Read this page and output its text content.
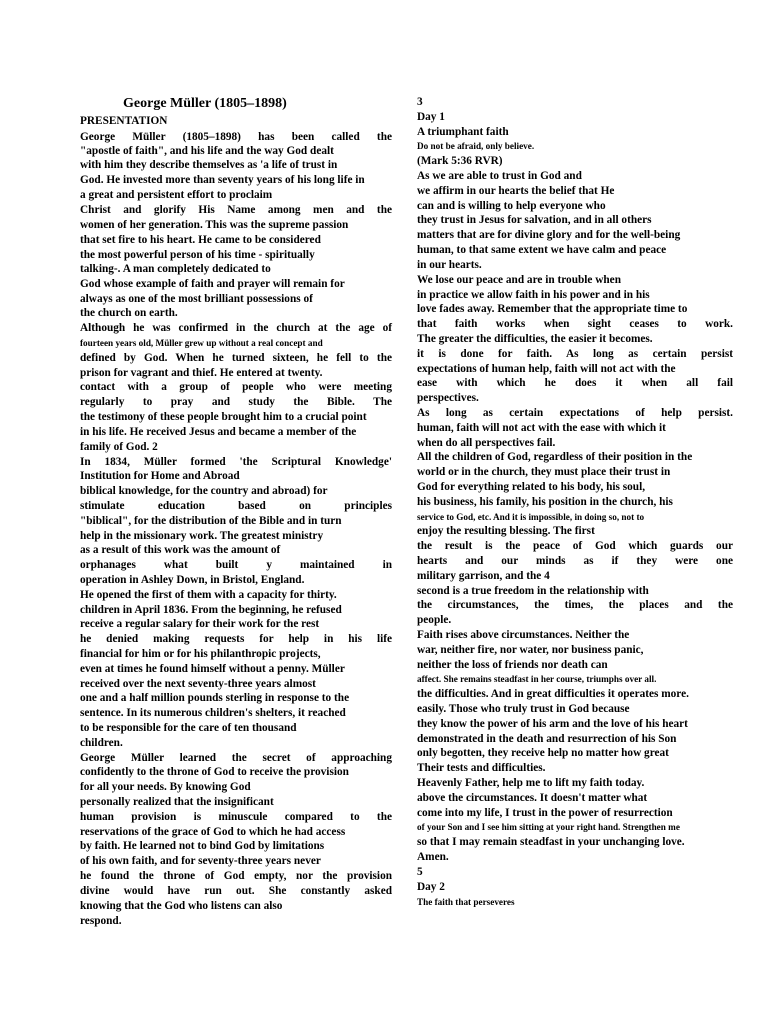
George Müller (1805–1898)
PRESENTATION
George Müller (1805–1898) has been called the
"apostle of faith", and his life and the way God dealt
with him they describe themselves as 'a life of trust in
God. He invested more than seventy years of his long life in
a great and persistent effort to proclaim
Christ and glorify His Name among men and the
women of her generation. This was the supreme passion
that set fire to his heart. He came to be considered
the most powerful person of his time - spiritually
talking-. A man completely dedicated to
God whose example of faith and prayer will remain for
always as one of the most brilliant possessions of
the church on earth.
Although he was confirmed in the church at the age of
fourteen years old, Müller grew up without a real concept and
defined by God. When he turned sixteen, he fell to the
prison for vagrant and thief. He entered at twenty.
contact with a group of people who were meeting
regularly to pray and study the Bible. The
the testimony of these people brought him to a crucial point
in his life. He received Jesus and became a member of the
family of God. 2
In 1834, Müller formed 'the Scriptural Knowledge'
Institution for Home and Abroad
biblical knowledge, for the country and abroad) for
stimulate education based on principles
"biblical", for the distribution of the Bible and in turn
help in the missionary work. The greatest ministry
as a result of this work was the amount of
orphanages what built y maintained in
operation in Ashley Down, in Bristol, England.
He opened the first of them with a capacity for thirty.
children in April 1836. From the beginning, he refused
receive a regular salary for their work for the rest
he denied making requests for help in his life
financial for him or for his philanthropic projects,
even at times he found himself without a penny. Müller
received over the next seventy-three years almost
one and a half million pounds sterling in response to the
sentence. In its numerous children's shelters, it reached
to be responsible for the care of ten thousand
children.
George Müller learned the secret of approaching
confidently to the throne of God to receive the provision
for all your needs. By knowing God
personally realized that the insignificant
human provision is minuscule compared to the
reservations of the grace of God to which he had access
by faith. He learned not to bind God by limitations
of his own faith, and for seventy-three years never
he found the throne of God empty, nor the provision
divine would have run out. She constantly asked
knowing that the God who listens can also
respond.
3
Day 1
A triumphant faith
Do not be afraid, only believe.
(Mark 5:36 RVR)
As we are able to trust in God and
we affirm in our hearts the belief that He
can and is willing to help everyone who
they trust in Jesus for salvation, and in all others
matters that are for divine glory and for the well-being
human, to that same extent we have calm and peace
in our hearts.
We lose our peace and are in trouble when
in practice we allow faith in his power and in his
love fades away. Remember that the appropriate time to
that faith works when sight ceases to work.
The greater the difficulties, the easier it becomes.
it is done for faith. As long as certain persist
expectations of human help, faith will not act with the
ease with which he does it when all fail
perspectives.
As long as certain expectations of help persist.
human, faith will not act with the ease with which it
when do all perspectives fail.
All the children of God, regardless of their position in the
world or in the church, they must place their trust in
God for everything related to his body, his soul,
his business, his family, his position in the church, his
service to God, etc. And it is impossible, in doing so, not to
enjoy the resulting blessing. The first
the result is the peace of God which guards our
hearts and our minds as if they were one
military garrison, and the 4
second is a true freedom in the relationship with
the circumstances, the times, the places and the
people.
Faith rises above circumstances. Neither the
war, neither fire, nor water, nor business panic,
neither the loss of friends nor death can
affect. She remains steadfast in her course, triumphs over all.
the difficulties. And in great difficulties it operates more.
easily. Those who truly trust in God because
they know the power of his arm and the love of his heart
demonstrated in the death and resurrection of his Son
only begotten, they receive help no matter how great
Their tests and difficulties.
Heavenly Father, help me to lift my faith today.
above the circumstances. It doesn't matter what
come into my life, I trust in the power of resurrection
of your Son and I see him sitting at your right hand. Strengthen me
so that I may remain steadfast in your unchanging love.
Amen.
5
Day 2
The faith that perseveres
